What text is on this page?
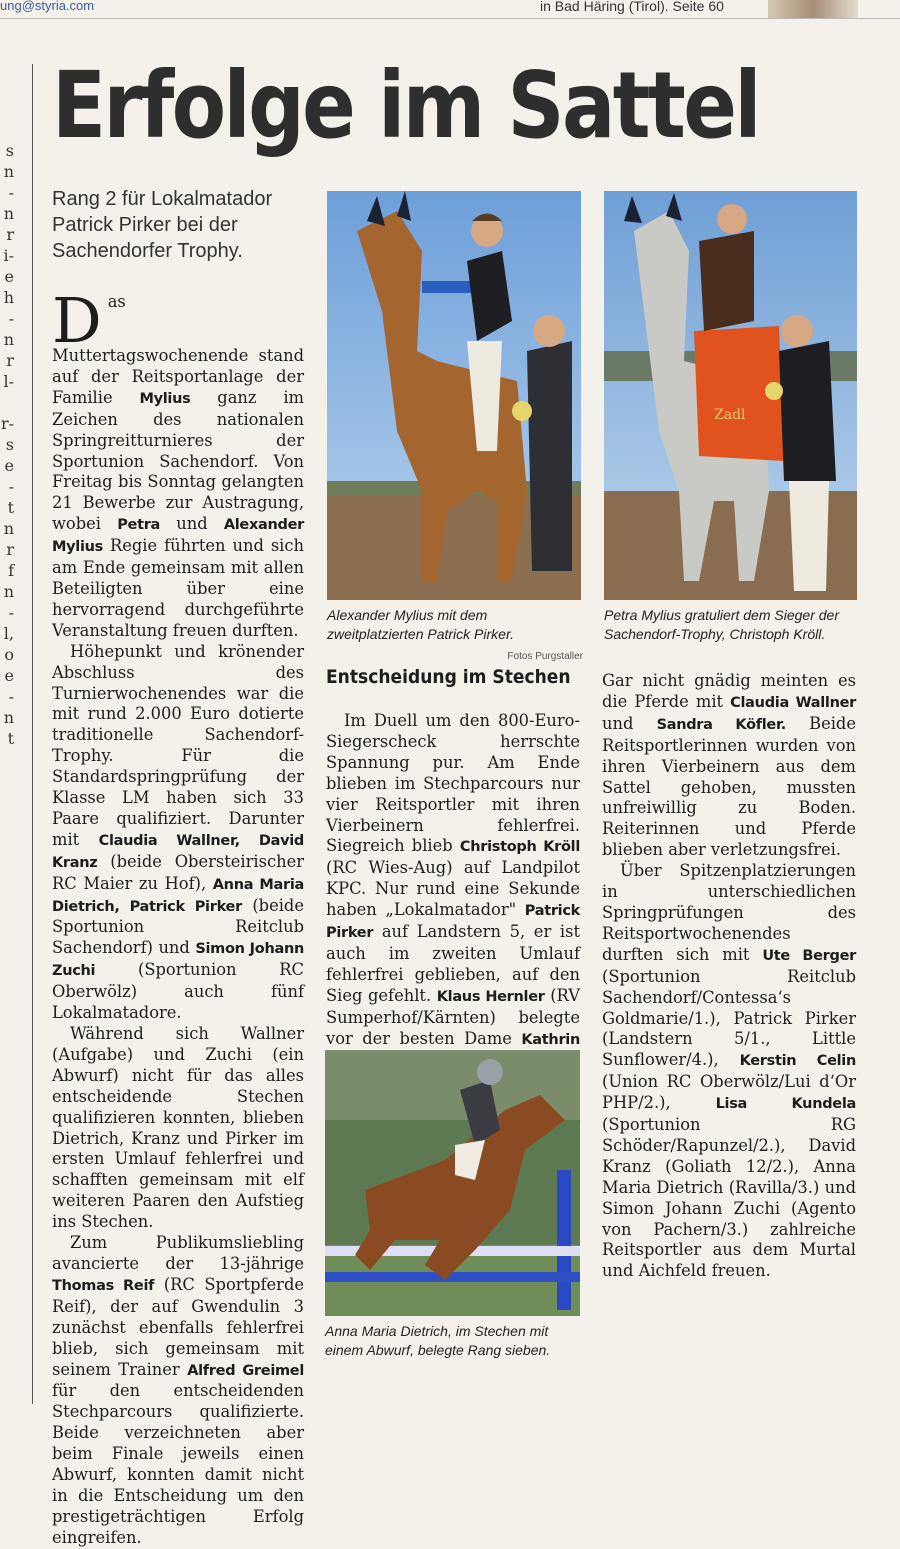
ung@styria.com	in Bad Häring (Tirol). Seite 60
s
n
-
n
r
i-
e
h
-
n
r
l-

r-
s
e
-
t
n
r
f
n
-
l,
o
e
-
n
t
Erfolge im Sattel
Rang 2 für Lokalmatador Patrick Pirker bei der Sachendorfer Trophy.

Das Muttertagswochenende stand auf der Reitsportanlage der Familie Mylius ganz im Zeichen des nationalen Springreitturnieres der Sportunion Sachendorf. Von Freitag bis Sonntag gelangten 21 Bewerbe zur Austragung, wobei Petra und Alexander Mylius Regie führten und sich am Ende gemeinsam mit allen Beteiligten über eine hervorragend durchgeführte Veranstaltung freuen durften.

Höhepunkt und krönender Abschluss des Turnierwochenendes war die mit rund 2.000 Euro dotierte traditionelle Sachendorf-Trophy. Für die Standardspringprüfung der Klasse LM haben sich 33 Paare qualifiziert. Darunter mit Claudia Wallner, David Kranz (beide Obersteirischer RC Maier zu Hof), Anna Maria Dietrich, Patrick Pirker (beide Sportunion Reitclub Sachendorf) und Simon Johann Zuchi (Sportunion RC Oberwölz) auch fünf Lokalmatadore.

Während sich Wallner (Aufgabe) und Zuchi (ein Abwurf) nicht für das alles entscheidende Stechen qualifizieren konnten, blieben Dietrich, Kranz und Pirker im ersten Umlauf fehlerfrei und schafften gemeinsam mit elf weiteren Paaren den Aufstieg ins Stechen.

Zum Publikumsliebling avancierte der 13-jährige Thomas Reif (RC Sportpferde Reif), der auf Gwendulin 3 zunächst ebenfalls fehlerfrei blieb, sich gemeinsam mit seinem Trainer Alfred Greimel für den entscheidenden Stechparcours qualifizierte. Beide verzeichneten aber beim Finale jeweils einen Abwurf, konnten damit nicht in die Entscheidung um den prestigeträchtigen Erfolg eingreifen.

Alexander Mylius mit dem zweitplatzierten Patrick Pirker.
Fotos Purgstaller
Zadl
Petra Mylius gratuliert dem Sieger der Sachendorf-Trophy, Christoph Kröll.
Entscheidung im Stechen

Im Duell um den 800-Euro-Siegerscheck herrschte Spannung pur. Am Ende blieben im Stechparcours nur vier Reitsportler mit ihren Vierbeinern fehlerfrei. Siegreich blieb Christoph Kröll (RC Wies-Aug) auf Landpilot KPC. Nur rund eine Sekunde haben „Lokalmatador" Patrick Pirker auf Landstern 5, er ist auch im zweiten Umlauf fehlerfrei geblieben, auf den Sieg gefehlt. Klaus Hernler (RV Sumperhof/Kärnten) belegte vor der besten Dame Kathrin

Anna Maria Dietrich, im Stechen mit einem Abwurf, belegte Rang sieben.

Gar nicht gnädig meinten es die Pferde mit Claudia Wallner und Sandra Köfler. Beide Reitsportlerinnen wurden von ihren Vierbeinern aus dem Sattel gehoben, mussten unfreiwillig zu Boden. Reiterinnen und Pferde blieben aber verletzungsfrei.

Über Spitzenplatzierungen in unterschiedlichen Springprüfungen des Reitsportwochenendes durften sich mit Ute Berger (Sportunion Reitclub Sachendorf/Contessa‘s Goldmarie/1.), Patrick Pirker (Landstern 5/1., Little Sunflower/4.), Kerstin Celin (Union RC Oberwölz/Lui d‘Or PHP/2.), Lisa Kundela (Sportunion RG Schöder/Rapunzel/2.), David Kranz (Goliath 12/2.), Anna Maria Dietrich (Ravilla/3.) und Simon Johann Zuchi (Agento von Pachern/3.) zahlreiche Reitsportler aus dem Murtal und Aichfeld freuen.
